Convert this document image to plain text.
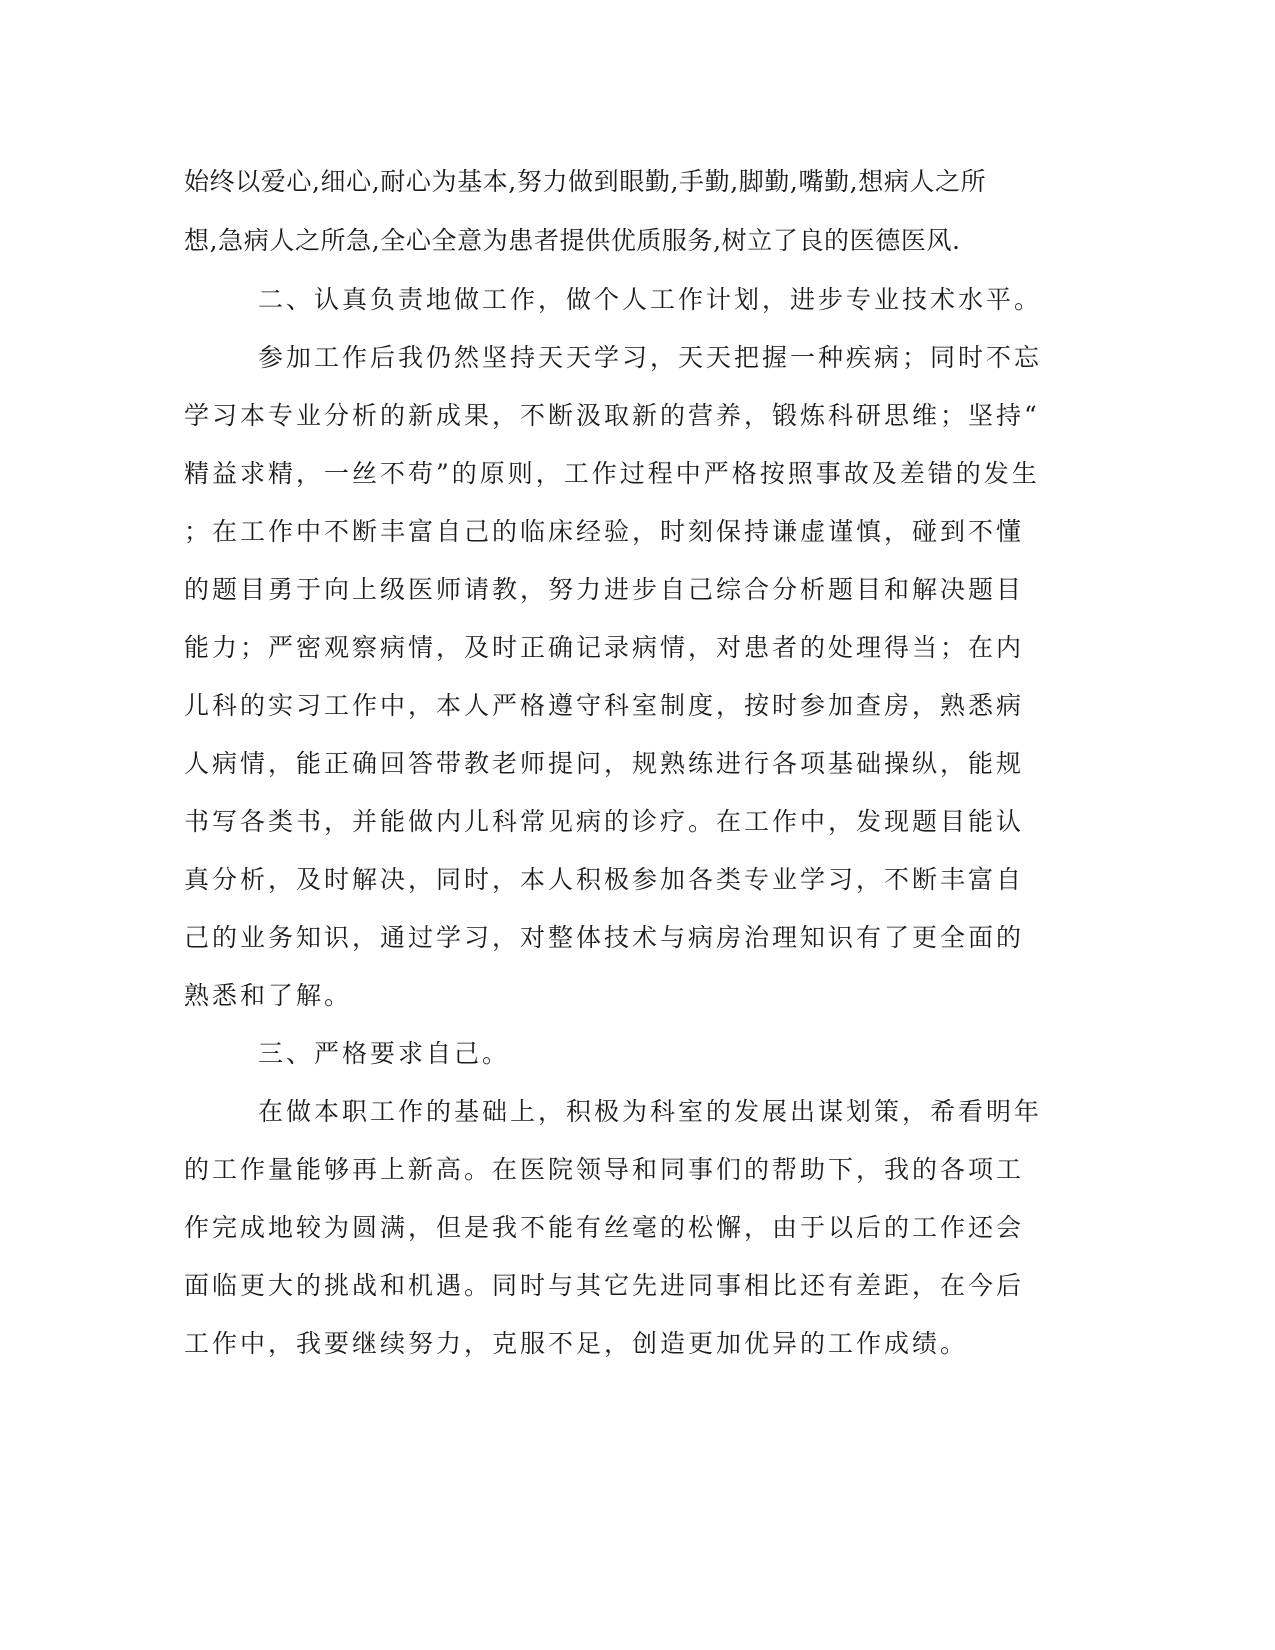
始终以爱心,细心,耐心为基本,努力做到眼勤,手勤,脚勤,嘴勤,想病人之所
想,急病人之所急,全心全意为患者提供优质服务,树立了良的医德医风.
二、认真负责地做工作，做个人工作计划，进步专业技术水平。
参加工作后我仍然坚持天天学习，天天把握一种疾病；同时不忘
学习本专业分析的新成果，不断汲取新的营养，锻炼科研思维；坚持“
精益求精，一丝不苟”的原则，工作过程中严格按照事故及差错的发生
；在工作中不断丰富自己的临床经验，时刻保持谦虚谨慎，碰到不懂
的题目勇于向上级医师请教，努力进步自己综合分析题目和解决题目
能力；严密观察病情，及时正确记录病情，对患者的处理得当；在内
儿科的实习工作中，本人严格遵守科室制度，按时参加查房，熟悉病
人病情，能正确回答带教老师提问，规熟练进行各项基础操纵，能规
书写各类书，并能做内儿科常见病的诊疗。在工作中，发现题目能认
真分析，及时解决，同时，本人积极参加各类专业学习，不断丰富自
己的业务知识，通过学习，对整体技术与病房治理知识有了更全面的
熟悉和了解。
三、严格要求自己。
在做本职工作的基础上，积极为科室的发展出谋划策，希看明年
的工作量能够再上新高。在医院领导和同事们的帮助下，我的各项工
作完成地较为圆满，但是我不能有丝毫的松懈，由于以后的工作还会
面临更大的挑战和机遇。同时与其它先进同事相比还有差距，在今后
工作中，我要继续努力，克服不足，创造更加优异的工作成绩。
